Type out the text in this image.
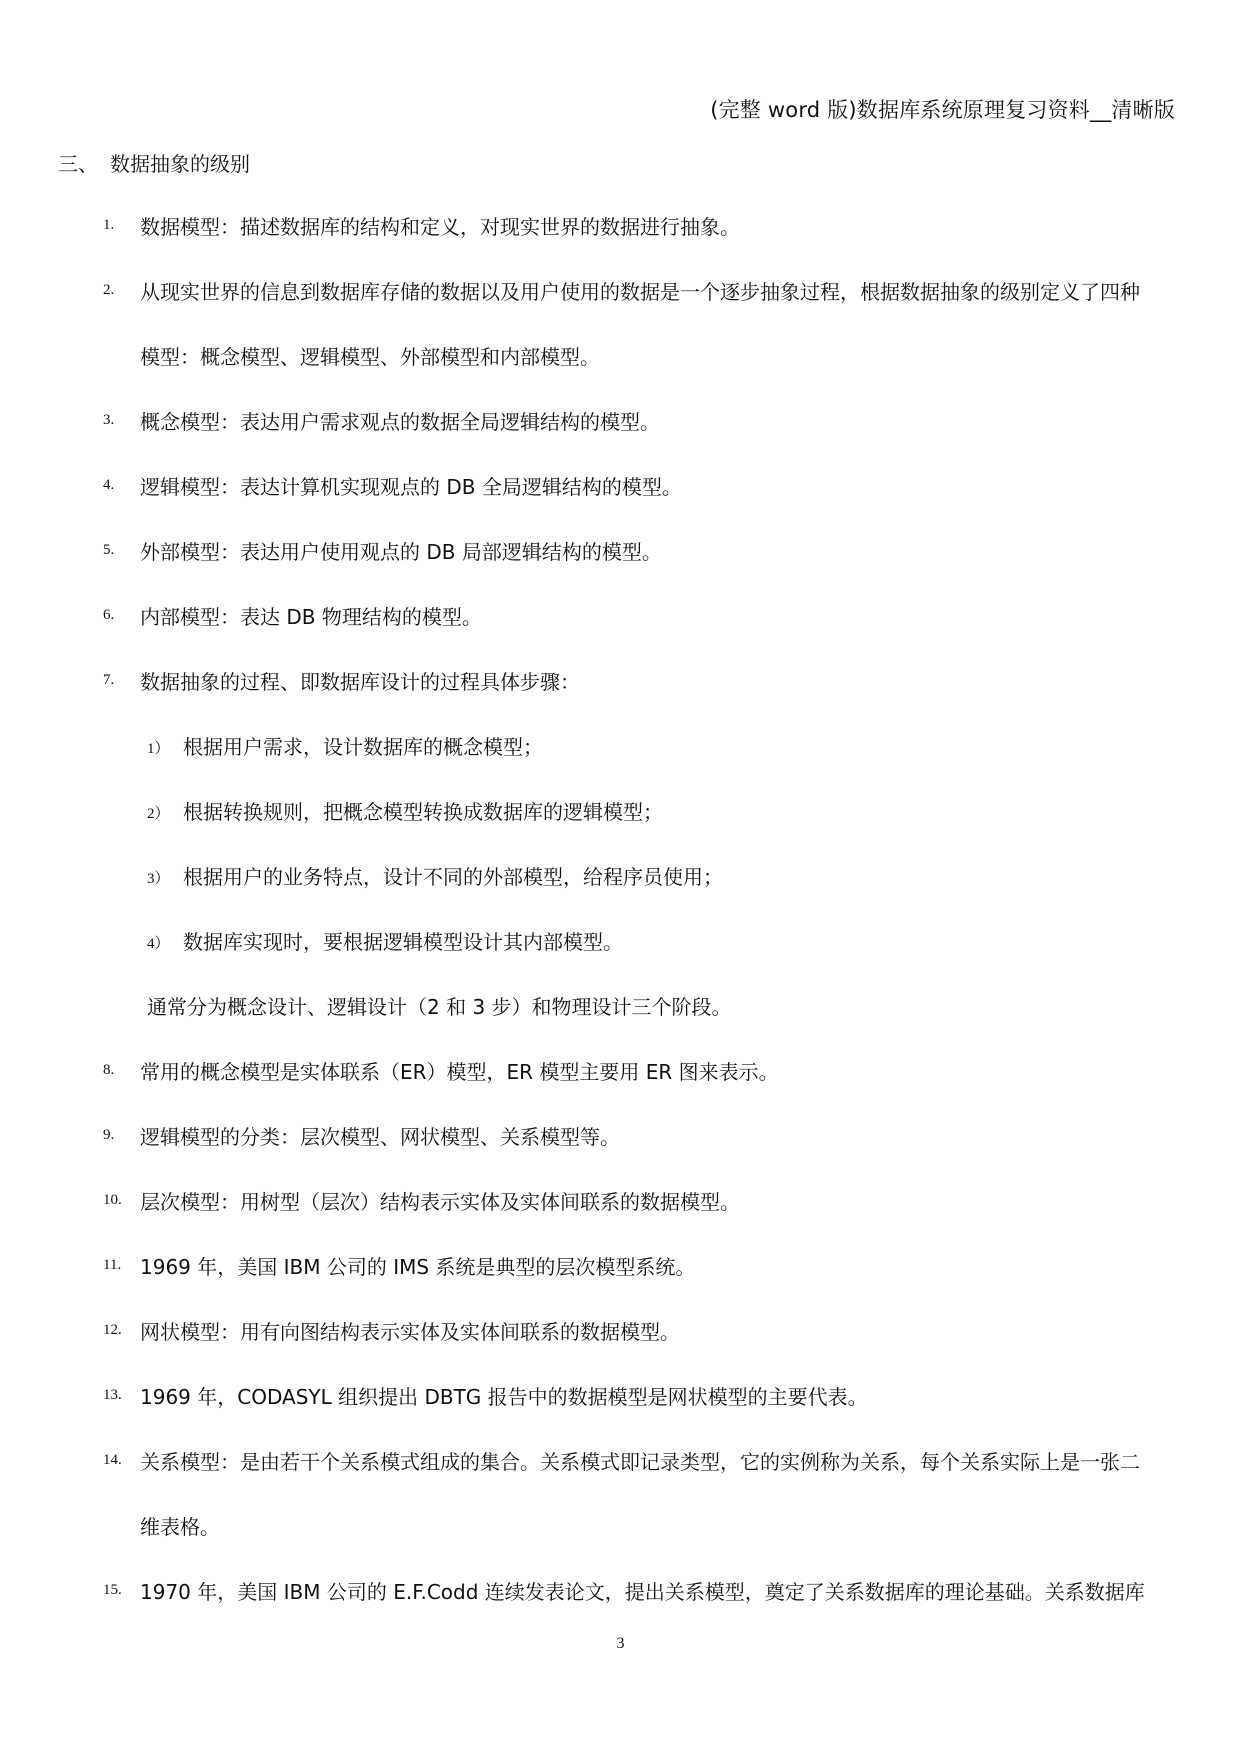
(完整 word 版)数据库系统原理复习资料__清晰版
三、 数据抽象的级别
1. 数据模型：描述数据库的结构和定义，对现实世界的数据进行抽象。
2. 从现实世界的信息到数据库存储的数据以及用户使用的数据是一个逐步抽象过程，根据数据抽象的级别定义了四种
模型：概念模型、逻辑模型、外部模型和内部模型。
3. 概念模型：表达用户需求观点的数据全局逻辑结构的模型。
4. 逻辑模型：表达计算机实现观点的 DB 全局逻辑结构的模型。
5. 外部模型：表达用户使用观点的 DB 局部逻辑结构的模型。
6. 内部模型：表达 DB 物理结构的模型。
7. 数据抽象的过程、即数据库设计的过程具体步骤：
1） 根据用户需求，设计数据库的概念模型；
2） 根据转换规则，把概念模型转换成数据库的逻辑模型；
3） 根据用户的业务特点，设计不同的外部模型，给程序员使用；
4） 数据库实现时，要根据逻辑模型设计其内部模型。
通常分为概念设计、逻辑设计（2 和 3 步）和物理设计三个阶段。
8. 常用的概念模型是实体联系（ER）模型，ER 模型主要用 ER 图来表示。
9. 逻辑模型的分类：层次模型、网状模型、关系模型等。
10. 层次模型：用树型（层次）结构表示实体及实体间联系的数据模型。
11. 1969 年，美国 IBM 公司的 IMS 系统是典型的层次模型系统。
12. 网状模型：用有向图结构表示实体及实体间联系的数据模型。
13. 1969 年，CODASYL 组织提出 DBTG 报告中的数据模型是网状模型的主要代表。
14. 关系模型：是由若干个关系模式组成的集合。关系模式即记录类型，它的实例称为关系，每个关系实际上是一张二
维表格。
15. 1970 年，美国 IBM 公司的 E.F.Codd 连续发表论文，提出关系模型，奠定了关系数据库的理论基础。关系数据库
3
